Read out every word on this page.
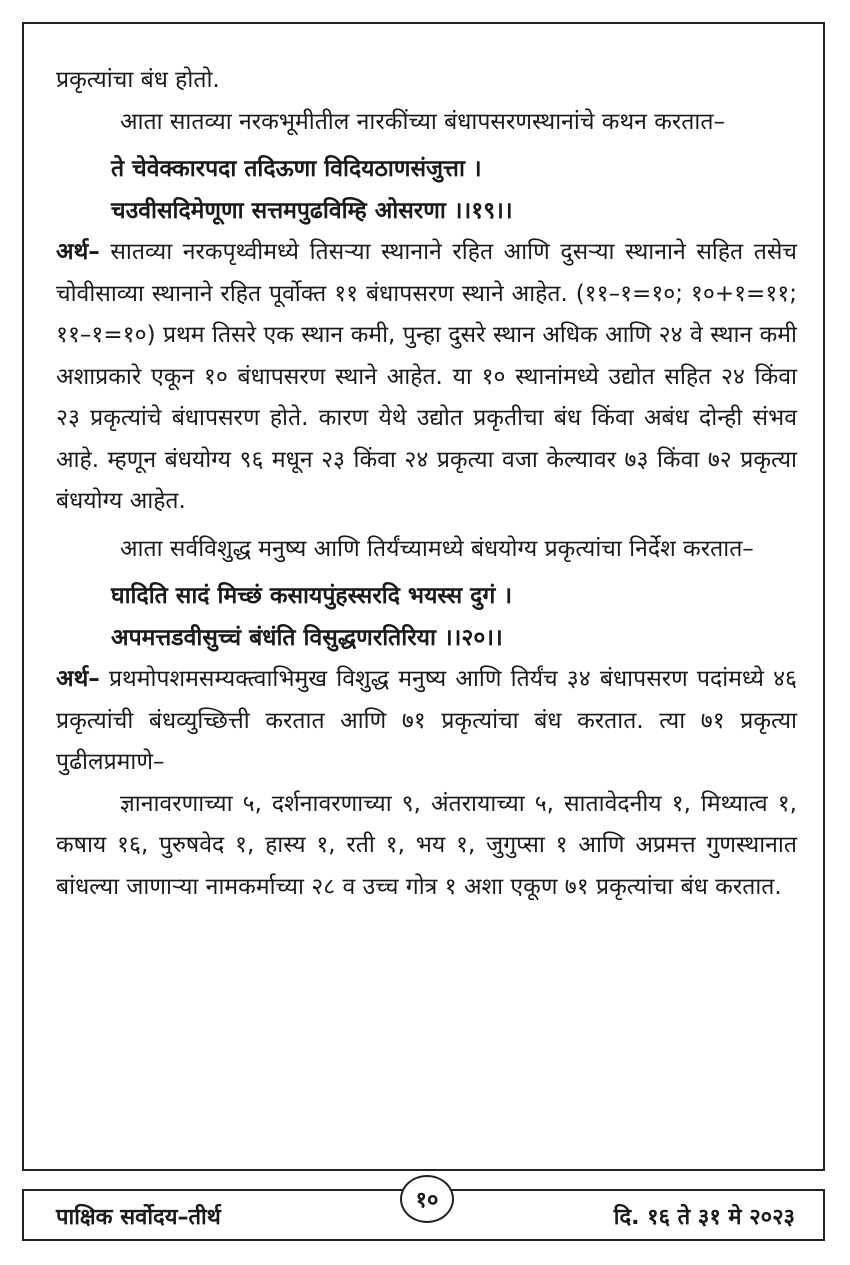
प्रकृत्यांचा बंध होतो.

आता सातव्या नरकभूमीतील नारकींच्या बंधापसरणस्थानांचे कथन करतात–

ते चेवेक्कारपदा तदिऊणा विदियठाणसंजुत्ता ।

चउवीसदिमेणूणा सत्तमपुढविम्हि ओसरणा ।।१९।।

अर्थ– सातव्या नरकपृथ्वीमध्ये तिसऱ्या स्थानाने रहित आणि दुसऱ्या स्थानाने सहित तसेच चोवीसाव्या स्थानाने रहित पूर्वोक्त ११ बंधापसरण स्थाने आहेत. (११–१=१०; १०+१=११; ११–१=१०) प्रथम तिसरे एक स्थान कमी, पुन्हा दुसरे स्थान अधिक आणि २४ वे स्थान कमी अशाप्रकारे एकून १० बंधापसरण स्थाने आहेत. या १० स्थानांमध्ये उद्योत सहित २४ किंवा २३ प्रकृत्यांचे बंधापसरण होते. कारण येथे उद्योत प्रकृतीचा बंध किंवा अबंध दोन्ही संभव आहे. म्हणून बंधयोग्य ९६ मधून २३ किंवा २४ प्रकृत्या वजा केल्यावर ७३ किंवा ७२ प्रकृत्या बंधयोग्य आहेत.

आता सर्वविशुद्ध मनुष्य आणि तिर्यंच्यामध्ये बंधयोग्य प्रकृत्यांचा निर्देश करतात–

घादिति सादं मिच्छं कसायपुंहस्सरदि भयस्स दुगं ।

अपमत्तडवीसुच्चं बंधंति विसुद्धणरतिरिया ।।२०।।

अर्थ– प्रथमोपशमसम्यक्त्वाभिमुख विशुद्ध मनुष्य आणि तिर्यंच ३४ बंधापसरण पदांमध्ये ४६ प्रकृत्यांची बंधव्युच्छित्ती करतात आणि ७१ प्रकृत्यांचा बंध करतात. त्या ७१ प्रकृत्या पुढीलप्रमाणे–

ज्ञानावरणाच्या ५, दर्शनावरणाच्या ९, अंतरायाच्या ५, सातावेदनीय १, मिथ्यात्व १, कषाय १६, पुरुषवेद १, हास्य १, रती १, भय १, जुगुप्सा १ आणि अप्रमत्त गुणस्थानात बांधल्या जाणाऱ्या नामकर्माच्या २८ व उच्च गोत्र १ अशा एकूण ७१ प्रकृत्यांचा बंध करतात.

पाक्षिक सर्वोदय–तीर्थ
१०
दि. १६ ते ३१ मे २०२३
